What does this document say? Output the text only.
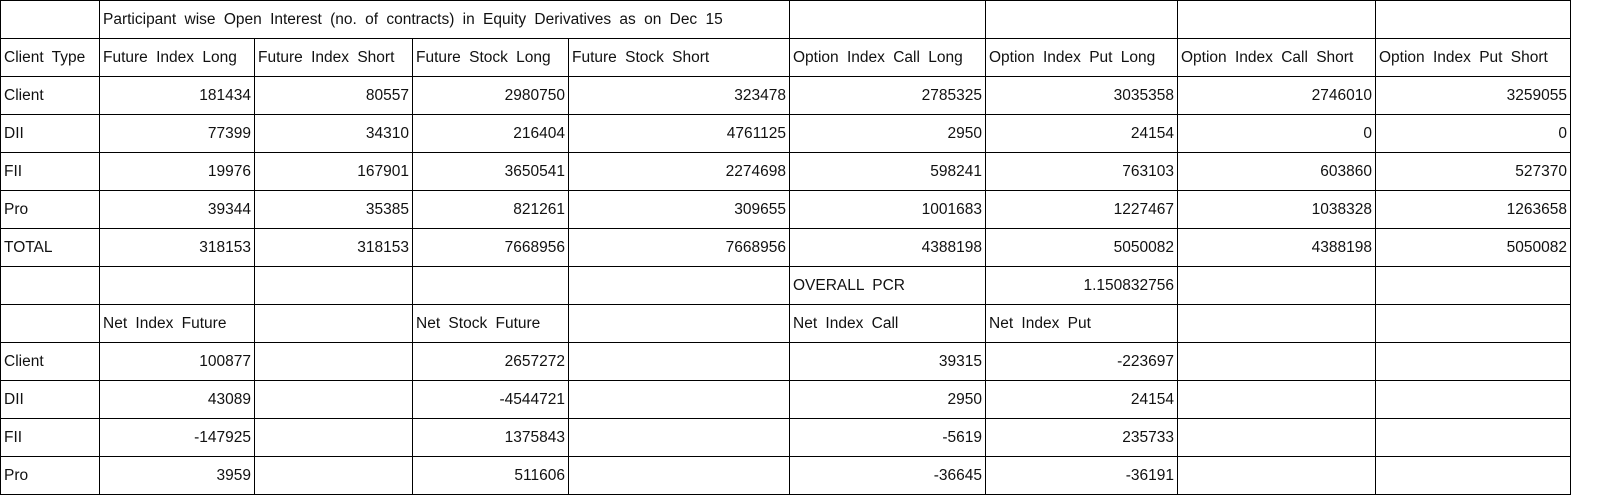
	Participant wise Open Interest (no. of contracts) in Equity Derivatives as on Dec 15							
Client Type	Future Index Long	Future Index Short	Future Stock Long	Future Stock Short	Option Index Call Long	Option Index Put Long	Option Index Call Short	Option Index Put Short
Client	181434	80557	2980750	323478	2785325	3035358	2746010	3259055
DII	77399	34310	216404	4761125	2950	24154	0	0
FII	19976	167901	3650541	2274698	598241	763103	603860	527370
Pro	39344	35385	821261	309655	1001683	1227467	1038328	1263658
TOTAL	318153	318153	7668956	7668956	4388198	5050082	4388198	5050082
					OVERALL PCR	1.150832756		
	Net Index Future		Net Stock Future		Net Index Call	Net Index Put		
Client	100877		2657272		39315	-223697		
DII	43089		-4544721		2950	24154		
FII	-147925		1375843		-5619	235733		
Pro	3959		511606		-36645	-36191		
